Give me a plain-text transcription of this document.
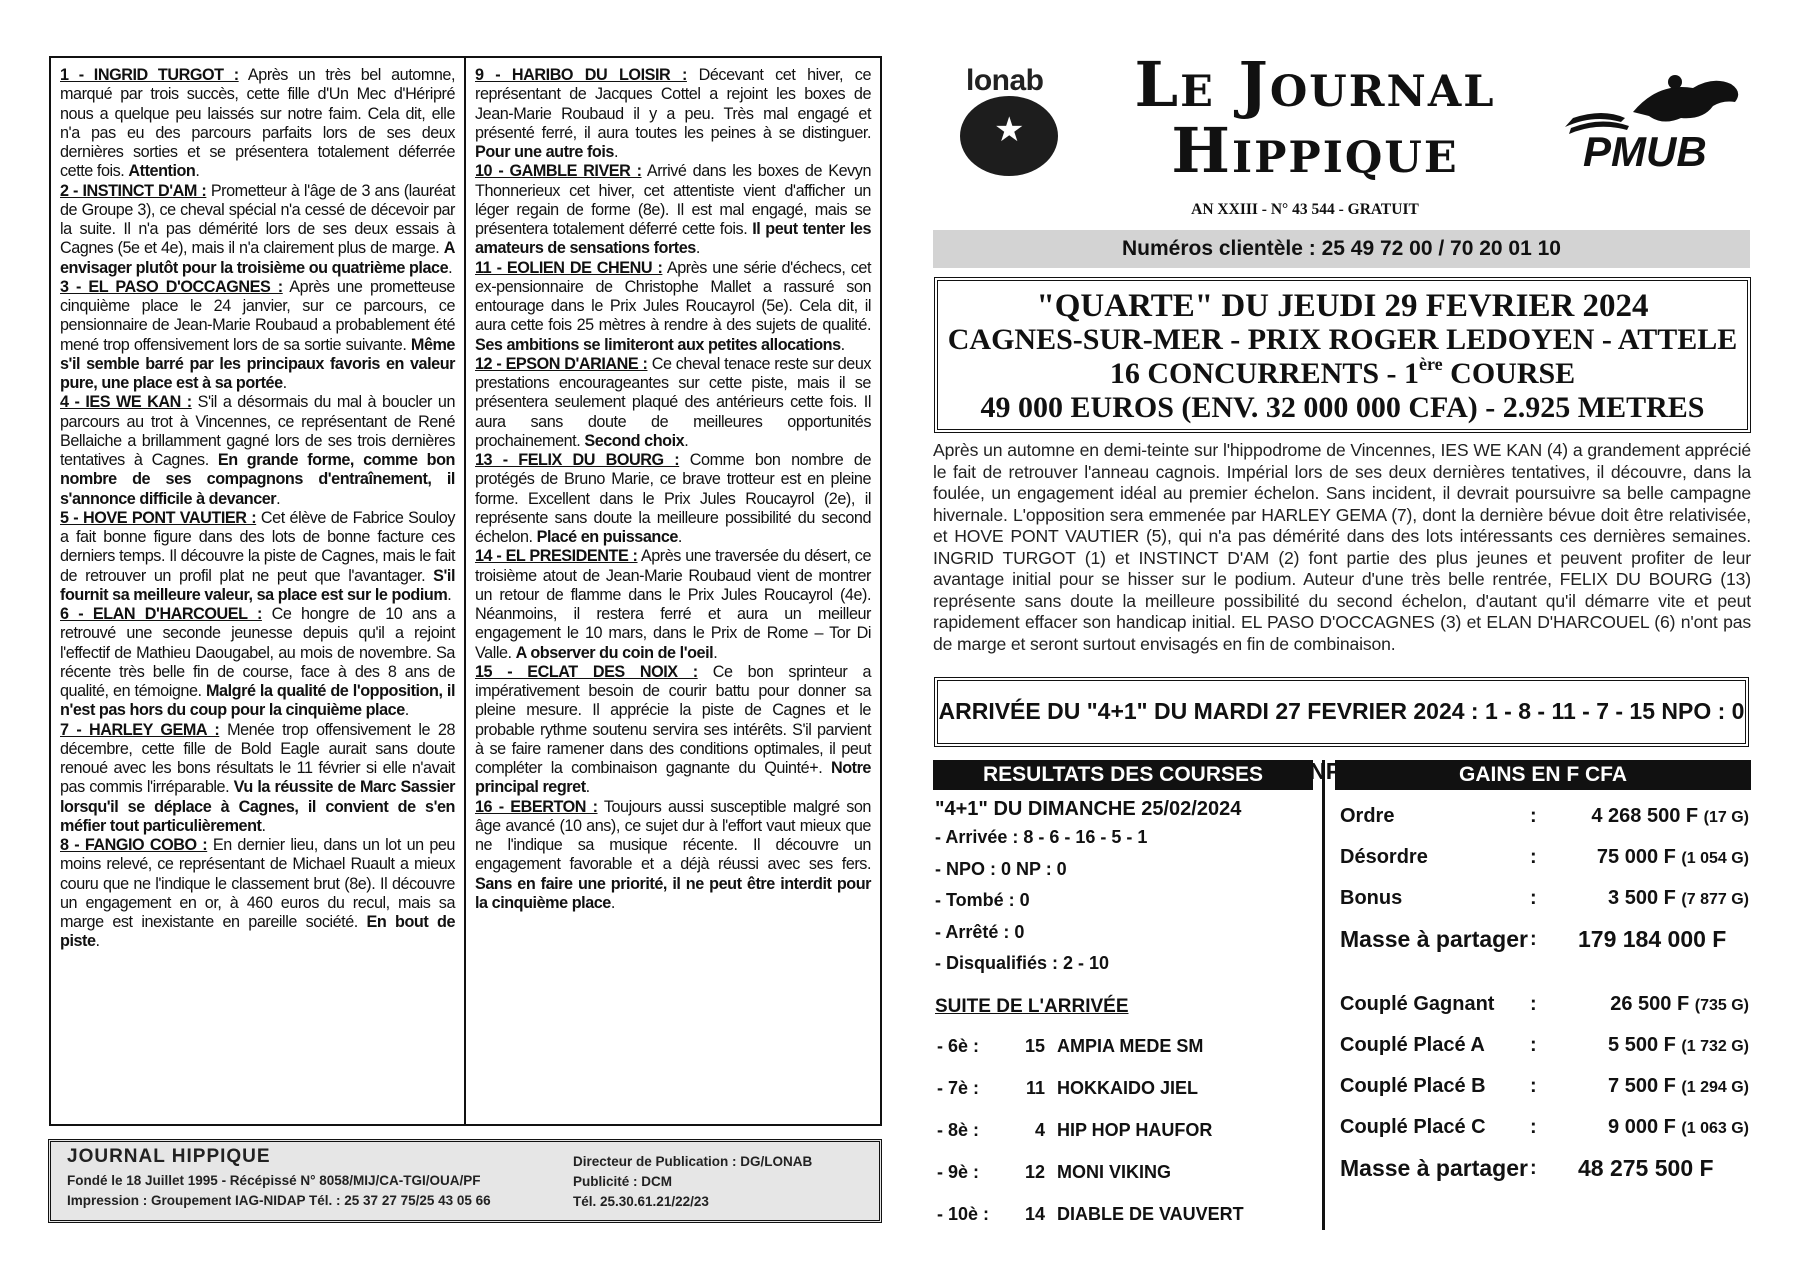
1 - INGRID TURGOT : Après un très bel automne, marqué par trois succès, cette fille d'Un Mec d'Héripré nous a quelque peu laissés sur notre faim. Cela dit, elle n'a pas eu des parcours parfaits lors de ses deux dernières sorties et se présentera totalement déferrée cette fois. Attention.

2 - INSTINCT D'AM : Prometteur à l'âge de 3 ans (lauréat de Groupe 3), ce cheval spécial n'a cessé de décevoir par la suite. Il n'a pas démérité lors de ses deux essais à Cagnes (5e et 4e), mais il n'a clairement plus de marge. A envisager plutôt pour la troisième ou quatrième place.

3 - EL PASO D'OCCAGNES : Après une prometteuse cinquième place le 24 janvier, sur ce parcours, ce pensionnaire de Jean-Marie Roubaud a probablement été mené trop offensivement lors de sa sortie suivante. Même s'il semble barré par les principaux favoris en valeur pure, une place est à sa portée.

4 - IES WE KAN : S'il a désormais du mal à boucler un parcours au trot à Vincennes, ce représentant de René Bellaiche a brillamment gagné lors de ses trois dernières tentatives à Cagnes. En grande forme, comme bon nombre de ses compagnons d'entraînement, il s'annonce difficile à devancer.

5 - HOVE PONT VAUTIER : Cet élève de Fabrice Souloy a fait bonne figure dans des lots de bonne facture ces derniers temps. Il découvre la piste de Cagnes, mais le fait de retrouver un profil plat ne peut que l'avantager. S'il fournit sa meilleure valeur, sa place est sur le podium.

6 - ELAN D'HARCOUEL : Ce hongre de 10 ans a retrouvé une seconde jeunesse depuis qu'il a rejoint l'effectif de Mathieu Daougabel, au mois de novembre. Sa récente très belle fin de course, face à des 8 ans de qualité, en témoigne. Malgré la qualité de l'opposition, il n'est pas hors du coup pour la cinquième place.

7 - HARLEY GEMA : Menée trop offensivement le 28 décembre, cette fille de Bold Eagle aurait sans doute renoué avec les bons résultats le 11 février si elle n'avait pas commis l'irréparable. Vu la réussite de Marc Sassier lorsqu'il se déplace à Cagnes, il convient de s'en méfier tout particulièrement.

8 - FANGIO COBO : En dernier lieu, dans un lot un peu moins relevé, ce représentant de Michael Ruault a mieux couru que ne l'indique le classement brut (8e). Il découvre un engagement en or, à 460 euros du recul, mais sa marge est inexistante en pareille société. En bout de piste.

9 - HARIBO DU LOISIR : Décevant cet hiver, ce représentant de Jacques Cottel a rejoint les boxes de Jean-Marie Roubaud il y a peu. Très mal engagé et présenté ferré, il aura toutes les peines à se distinguer. Pour une autre fois.

10 - GAMBLE RIVER : Arrivé dans les boxes de Kevyn Thonnerieux cet hiver, cet attentiste vient d'afficher un léger regain de forme (8e). Il est mal engagé, mais se présentera totalement déferré cette fois. Il peut tenter les amateurs de sensations fortes.

11 - EOLIEN DE CHENU : Après une série d'échecs, cet ex-pensionnaire de Christophe Mallet a rassuré son entourage dans le Prix Jules Roucayrol (5e). Cela dit, il aura cette fois 25 mètres à rendre à des sujets de qualité. Ses ambitions se limiteront aux petites allocations.

12 - EPSON D'ARIANE : Ce cheval tenace reste sur deux prestations encourageantes sur cette piste, mais il se présentera seulement plaqué des antérieurs cette fois. Il aura sans doute de meilleures opportunités prochainement. Second choix.

13 - FELIX DU BOURG : Comme bon nombre de protégés de Bruno Marie, ce brave trotteur est en pleine forme. Excellent dans le Prix Jules Roucayrol (2e), il représente sans doute la meilleure possibilité du second échelon. Placé en puissance.

14 - EL PRESIDENTE : Après une traversée du désert, ce troisième atout de Jean-Marie Roubaud vient de montrer un retour de flamme dans le Prix Jules Roucayrol (4e). Néanmoins, il restera ferré et aura un meilleur engagement le 10 mars, dans le Prix de Rome – Tor Di Valle. A observer du coin de l'oeil.

15 - ECLAT DES NOIX : Ce bon sprinteur a impérativement besoin de courir battu pour donner sa pleine mesure. Il apprécie la piste de Cagnes et le probable rythme soutenu servira ses intérêts. S'il parvient à se faire ramener dans des conditions optimales, il peut compléter la combinaison gagnante du Quinté+. Notre principal regret.

16 - EBERTON : Toujours aussi susceptible malgré son âge avancé (10 ans), ce sujet dur à l'effort vaut mieux que ne l'indique sa musique récente. Il découvre un engagement favorable et a déjà réussi avec ses fers. Sans en faire une priorité, il ne peut être interdit pour la cinquième place.

JOURNAL HIPPIQUE
Fondé le 18 Juillet 1995 - Récépissé N° 8058/MIJ/CA-TGI/OUA/PF
Impression : Groupement IAG-NIDAP Tél. : 25 37 27 75/25 43 05 66
Directeur de Publication : DG/LONAB
Publicité : DCM
Tél. 25.30.61.21/22/23
★
lonab	Le Journal
Hippique
AN XXIII - N° 43 544 - GRATUIT
PMUB
Numéros clientèle : 25 49 72 00 / 70 20 01 10
"QUARTE" DU JEUDI 29 FEVRIER 2024
CAGNES-SUR-MER - PRIX ROGER LEDOYEN - ATTELE
16 CONCURRENTS - 1ère COURSE
49 000 EUROS (ENV. 32 000 000 CFA) - 2.925 METRES

Après un automne en demi-teinte sur l'hippodrome de Vincennes, IES WE KAN (4) a grandement apprécié le fait de retrouver l'anneau cagnois. Impérial lors de ses deux dernières tentatives, il découvre, dans la foulée, un engagement idéal au premier échelon. Sans incident, il devrait poursuivre sa belle campagne hivernale. L'opposition sera emmenée par HARLEY GEMA (7), dont la dernière bévue doit être relativisée, et HOVE PONT VAUTIER (5), qui n'a pas démérité dans des lots intéressants ces dernières semaines. INGRID TURGOT (1) et INSTINCT D'AM (2) font partie des plus jeunes et peuvent profiter de leur avantage initial pour se hisser sur le podium. Auteur d'une très belle rentrée, FELIX DU BOURG (13) représente sans doute la meilleure possibilité du second échelon, d'autant qu'il démarre vite et peut rapidement effacer son handicap initial. EL PASO D'OCCAGNES (3) et ELAN D'HARCOUEL (6) n'ont pas de marge et seront surtout envisagés en fin de combinaison.

ARRIVÉE DU "4+1" DU MARDI 27 FEVRIER 2024 : 1 - 8 - 11 - 7 - 15 NPO : 0
RESULTATS DES COURSES	GAINS EN F CFA
"4+1" DU DIMANCHE 25/02/2024
- Arrivée : 8 - 6 - 16 - 5 - 1
- NPO : 0 NP : 0
- Tombé : 0
- Arrêté : 0
- Disqualifiés : 2 - 10
SUITE DE L'ARRIVÉE
- 6è :	15	AMPIA MEDE SM
- 7è :	11	HOKKAIDO JIEL
- 8è :	4	HIP HOP HAUFOR
- 9è :	12	MONI VIKING
- 10è :	14	DIABLE DE VAUVERT
Ordre	:	4 268 500 F (17 G)
Désordre	:	75 000 F (1 054 G)
Bonus	:	3 500 F (7 877 G)
Masse à partager	:	179 184 000 F

Couplé Gagnant	:	26 500 F (735 G)
Couplé Placé A	:	5 500 F (1 732 G)
Couplé Placé B	:	7 500 F (1 294 G)
Couplé Placé C	:	9 000 F (1 063 G)
Masse à partager	:	48 275 500 F
